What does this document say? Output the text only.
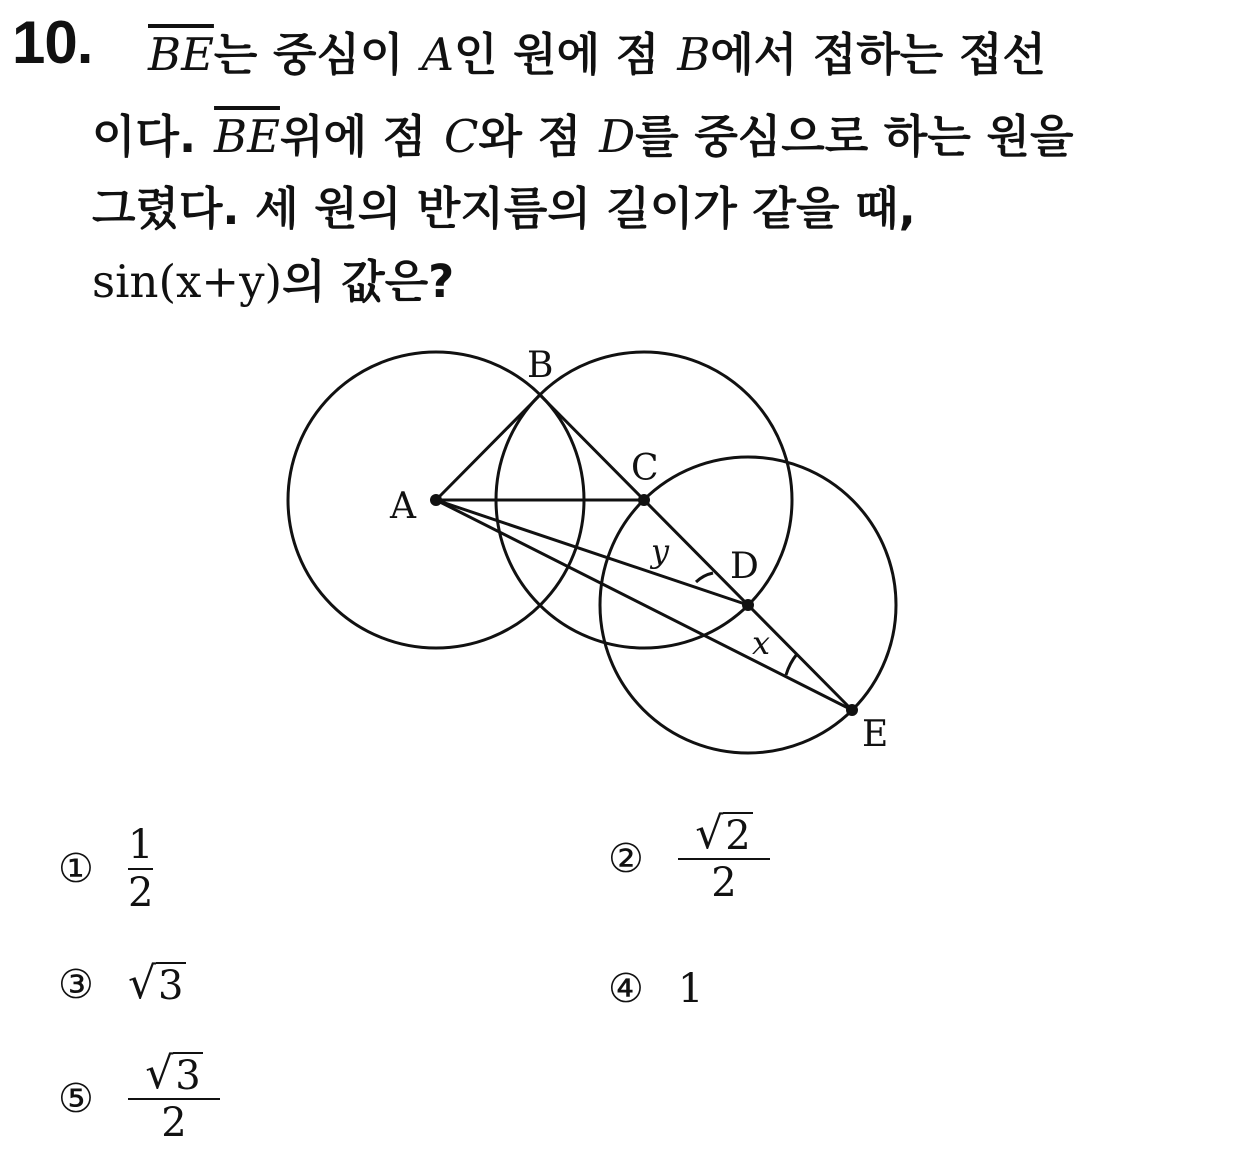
10. $\overline{BE}$는 중심이 A인 원에 점 B에서 접하는 접선
이다. $\overline{BE}$위에 점 C와 점 D를 중심으로 하는 원을
그렸다. 세 원의 반지름의 길이가 같을 때,
sin(x+y)의 값은?
B
A
C
D
E
y
x
① $\frac{1}{2}$	② $\frac{√ 2}{2}$
③ √ 3	④ 1
⑤ $\frac{√ 3}{2}$
